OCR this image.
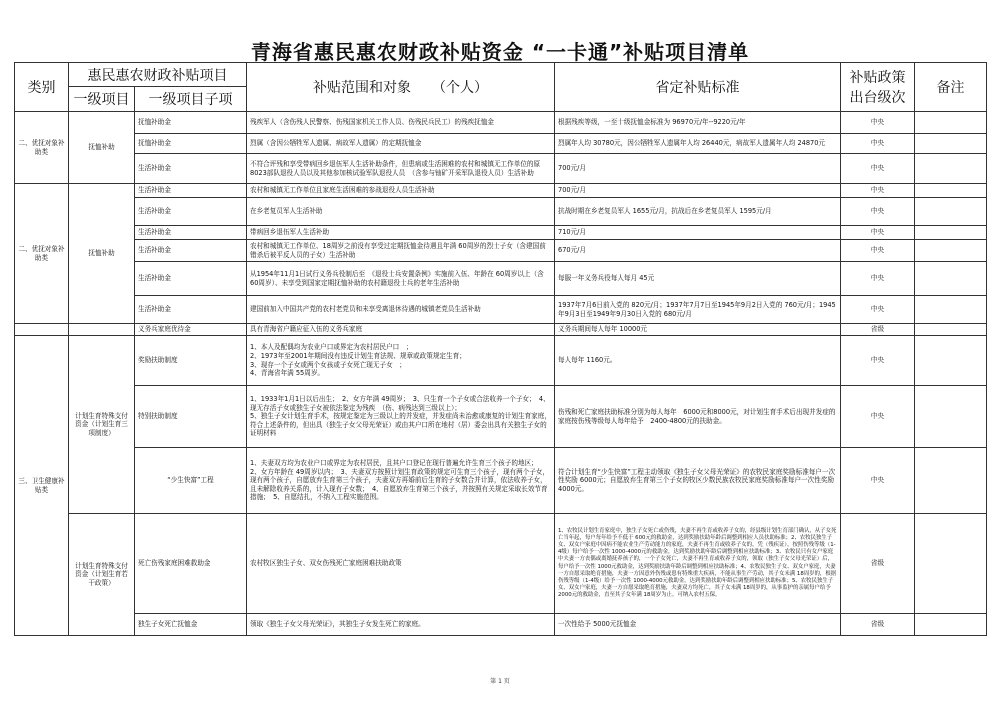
青海省惠民惠农财政补贴资金 “一卡通”补贴项目清单
类别	惠民惠农财政补贴项目		补贴范围和对象　　（个人）	省定补贴标准	补贴政策出台级次	备注
	一级项目	一级项目子项				
二、优抚对象补助类	抚恤补助	抚恤补助金	残疾军人（含伤残人民警察、伤残国家机关工作人员、伤残民兵民工）的残疾抚恤金	根据残疾等级，一至十级抚恤金标准为 96970元/年--9220元/年	中央	
		抚恤补助金	烈属（含因公牺牲军人遗属、病故军人遗属）的定期抚恤金	烈属年人均 30780元，因公牺牲军人遗属年人均 26440元，病故军人遗属年人均 24870元	中央	
		生活补助金	不符合评残和享受带病回乡退伍军人生活补助条件，但患病或生活困难的农村和城镇无工作单位的原 8023部队退役人员以及其他参加核试验军队退役人员　（含参与铀矿开采军队退役人员）生活补助	700元/月	中央	
二、优抚对象补助类	抚恤补助	生活补助金	农村和城镇无工作单位且家庭生活困难的参战退役人员生活补助	700元/月	中央	
		生活补助金	在乡老复员军人生活补助	抗战时期在乡老复员军人 1655元/月，抗战后在乡老复员军人 1595元/月	中央	
		生活补助金	带病回乡退伍军人生活补助	710元/月	中央	
		生活补助金	农村和城镇无工作单位、18周岁之前没有享受过定期抚恤金待遇且年满 60周岁的烈士子女（含建国前错杀后被平反人员的子女）生活补助	670元/月	中央	
		生活补助金	从1954年11月1日试行义务兵役制后至　《退役士兵安置条例》实施前入伍、年龄在 60周岁以上（含 60周岁）、未享受到国家定期抚恤补助的农村籍退役士兵的老年生活补助	每服一年义务兵役每人每月 45元	中央	
		生活补助金	建国前加入中国共产党的农村老党员和未享受离退休待遇的城镇老党员生活补助	1937年7月6日前入党的 820元/月；1937年7月7日至1945年9月2日入党的 760元/月；1945年9月3日至1949年9月30日入党的 680元/月	中央	
		义务兵家庭优待金	具有青海省户籍应征入伍的义务兵家庭	义务兵期间每人每年 10000元	省级	
三、卫生健康补贴类	计划生育特殊支付资金（计划生育三项制度）	奖励扶助制度	1、本人及配偶均为农业户口或界定为农村居民户口　；
2、1973年至2001年期间没有违反计划生育法规、规章或政策规定生育；
3、现存一个子女或两个女孩或子女死亡现无子女　；
4、青海省年满 55周岁。	每人每年 1160元。	中央	
		特别扶助制度	1、1933年1月1日以后出生；　2、女方年满 49周岁；　3、只生育一个子女或合法收养一个子女；　4、现无存活子女或独生子女被依法鉴定为残疾　（伤、病残达到三级以上）；
5、独生子女计划生育手术，按规定鉴定为三级以上的并发症，并发症尚未治愈或康复的计划生育家庭，符合上述条件的，但出具（独生子女父母光荣证）或由其户口所在地村（居）委会出具有关独生子女的证明材料	伤残和死亡家庭扶助标准分别为每人每年　6000元和8000元，对计划生育手术后出现并发症的家庭按伤残等级每人每年给予　2400-4800元的扶助金。	中央	
		“少生快富”工程	1、夫妻双方均为农业户口或界定为农村居民，且其户口登记在现行普遍允许生育三个孩子的地区；　2、女方年龄在 49周岁以内；　3、夫妻双方按照计划生育政策的规定可生育三个孩子，现有两个子女，现有两个孩子，自愿放弃生育第三个孩子，夫妻双方再婚前后生育的子女数合并计算，依法收养子女，且未解除收养关系的，计入现有子女数；　4、自愿放弃生育第三个孩子，并按照有关规定采取长效节育措施；　5、自愿结扎，不纳入工程实施范围。	符合计划生育“少生快富”工程主动领取《独生子女父母光荣证》的农牧民家庭奖励标准每户一次性奖励 6000元；自愿放弃生育第三个子女的牧区少数民族农牧民家庭奖励标准每户一次性奖励 4000元。	中央	
	计划生育特殊支付资金（计划生育若干政策）	死亡伤残家庭困难救助金	农村牧区独生子女、双女伤残死亡家庭困难扶助政策	1、农牧民计划生育家庭中，独生子女死亡或伤残，夫妻不再生育或收养子女的，经县级计划生育部门确认，从子女死亡当年起，每户每年给予不低于 600元的救助金，达到奖励扶助年龄后调整到相应人员扶助标准；2、农牧民独生子女、双女户家庭中因病不能农业生产劳动能力的家庭，夫妻不再生育或收养子女的，凭（残疾证），按照伤残等级（1-4级）每户给予一次性 1000-4000元的救助金，达到奖励扶助年龄后调整到相应扶助标准；3、农牧民只有女户家庭中夫妻一方丧偶或离婚抚养孩子的，一个子女死亡，夫妻不再生育或收养子女的，领取（独生子女父母光荣证）后，每户给予一次性 1000元救助金，达到奖励扶助年龄后调整到相应扶助标准；4、农牧民独生子女、双女户家庭，夫妻一方自愿采取绝育措施，夫妻一方因意外伤残或患有特殊重大疾病，不能从事生产劳动，其子女未满 18周岁的，根据伤残等级（1-4级）给予一次性 1000-4000元救助金，达到奖励扶助年龄后调整到相应扶助标准；5、农牧民独生子女、双女户家庭，夫妻一方自愿采取绝育措施，夫妻双方均死亡，其子女未满 18周岁的，从事监护的亲属每户给予 2000元的救助金，直至其子女年满 18周岁为止。可纳入农村五保。	省级	
		独生子女死亡抚恤金	领取《独生子女父母光荣证》，其独生子女发生死亡的家庭。	一次性给予 5000元抚恤金	省级	
第 1 页
